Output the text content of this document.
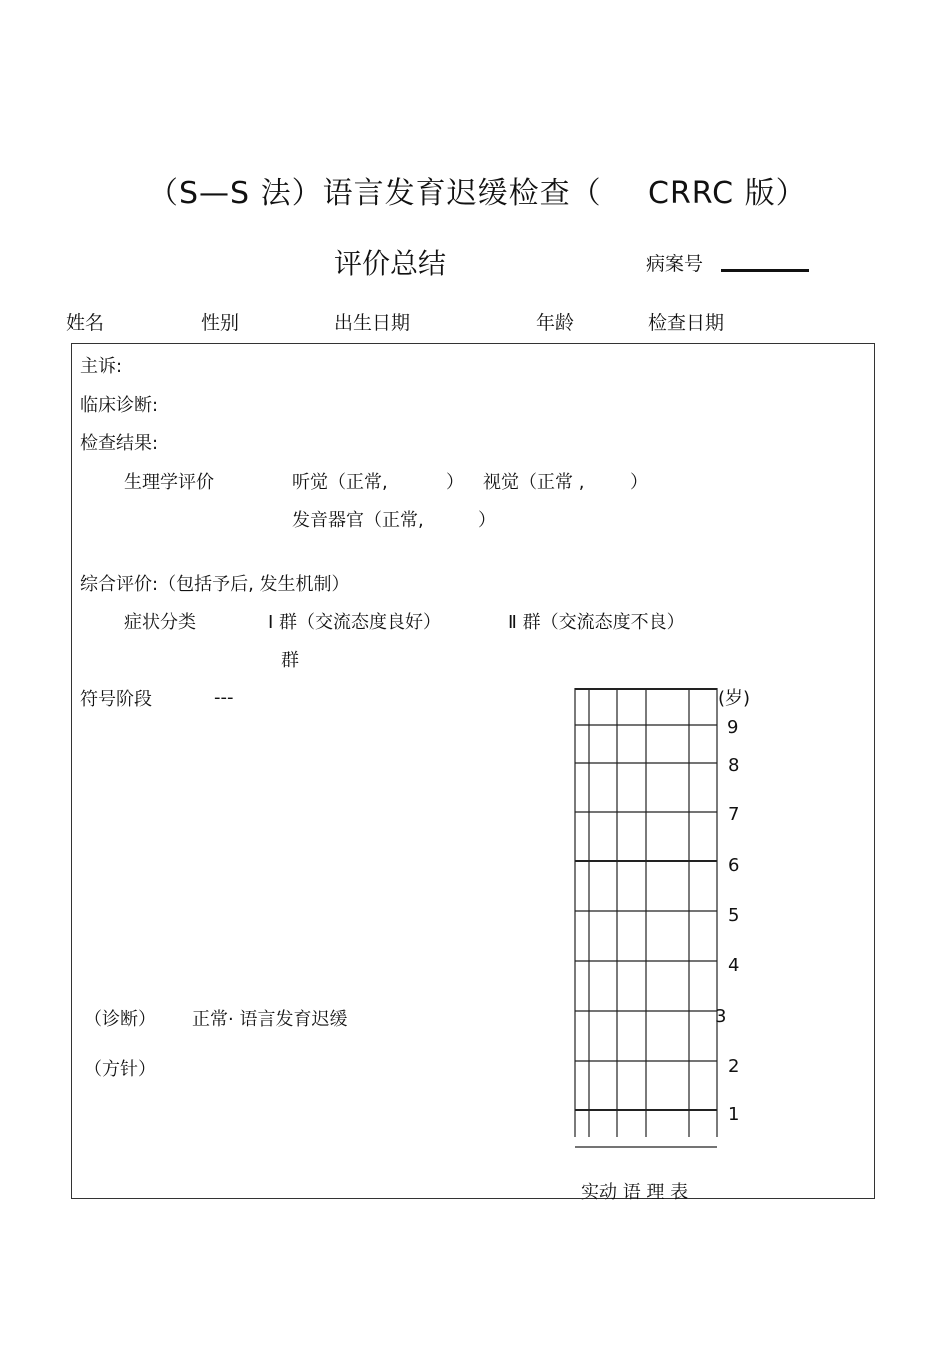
（S—S 法）语言发育迟缓检查（ CRRC 版）
评价总结	病案号
姓名	性别	出生日期	年龄	检查日期
主诉:
临床诊断:
检查结果:
生理学评价	听觉（正常,	） 视觉（正常 ,	）
发音器官（正常,	）
综合评价:（包括予后, 发生机制）
症状分类	Ⅰ 群（交流态度良好）	Ⅱ 群（交流态度不良）
群
符号阶段	---
（诊断） 正常· 语言发育迟缓
（方针）
(岁)
9
8
7
6
5
4
3
2
1
实动 语 理 表
